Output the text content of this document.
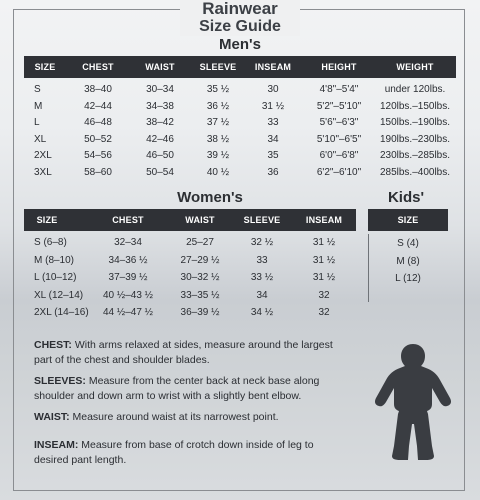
Rainwear
Size Guide
Men's
SIZE	CHEST	WAIST	SLEEVE	INSEAM	HEIGHT	WEIGHT
S	38–40	30–34	35 ½	30	4'8"–5'4"	under 120lbs.
M	42–44	34–38	36 ½	31 ½	5'2"–5'10"	120lbs.–150lbs.
L	46–48	38–42	37 ½	33	5'6"–6'3"	150lbs.–190lbs.
XL	50–52	42–46	38 ½	34	5'10"–6'5"	190lbs.–230lbs.
2XL	54–56	46–50	39 ½	35	6'0"–6'8"	230lbs.–285lbs.
3XL	58–60	50–54	40 ½	36	6'2"–6'10"	285lbs.–400lbs.
Women's
SIZE	CHEST	WAIST	SLEEVE	INSEAM
S (6–8)	32–34	25–27	32 ½	31 ½
M (8–10)	34–36 ½	27–29 ½	33	31 ½
L (10–12)	37–39 ½	30–32 ½	33 ½	31 ½
XL (12–14)	40 ½–43 ½	33–35 ½	34	32
2XL (14–16)	44 ½–47 ½	36–39 ½	34 ½	32
Kids'
SIZE
S (4)
M (8)
L (12)
CHEST: With arms relaxed at sides, measure around the largest part of the chest and shoulder blades.
SLEEVES: Measure from the center back at neck base along shoulder and down arm to wrist with a slightly bent elbow.
WAIST: Measure around waist at its narrowest point.
INSEAM: Measure from base of crotch down inside of leg to desired pant length.
